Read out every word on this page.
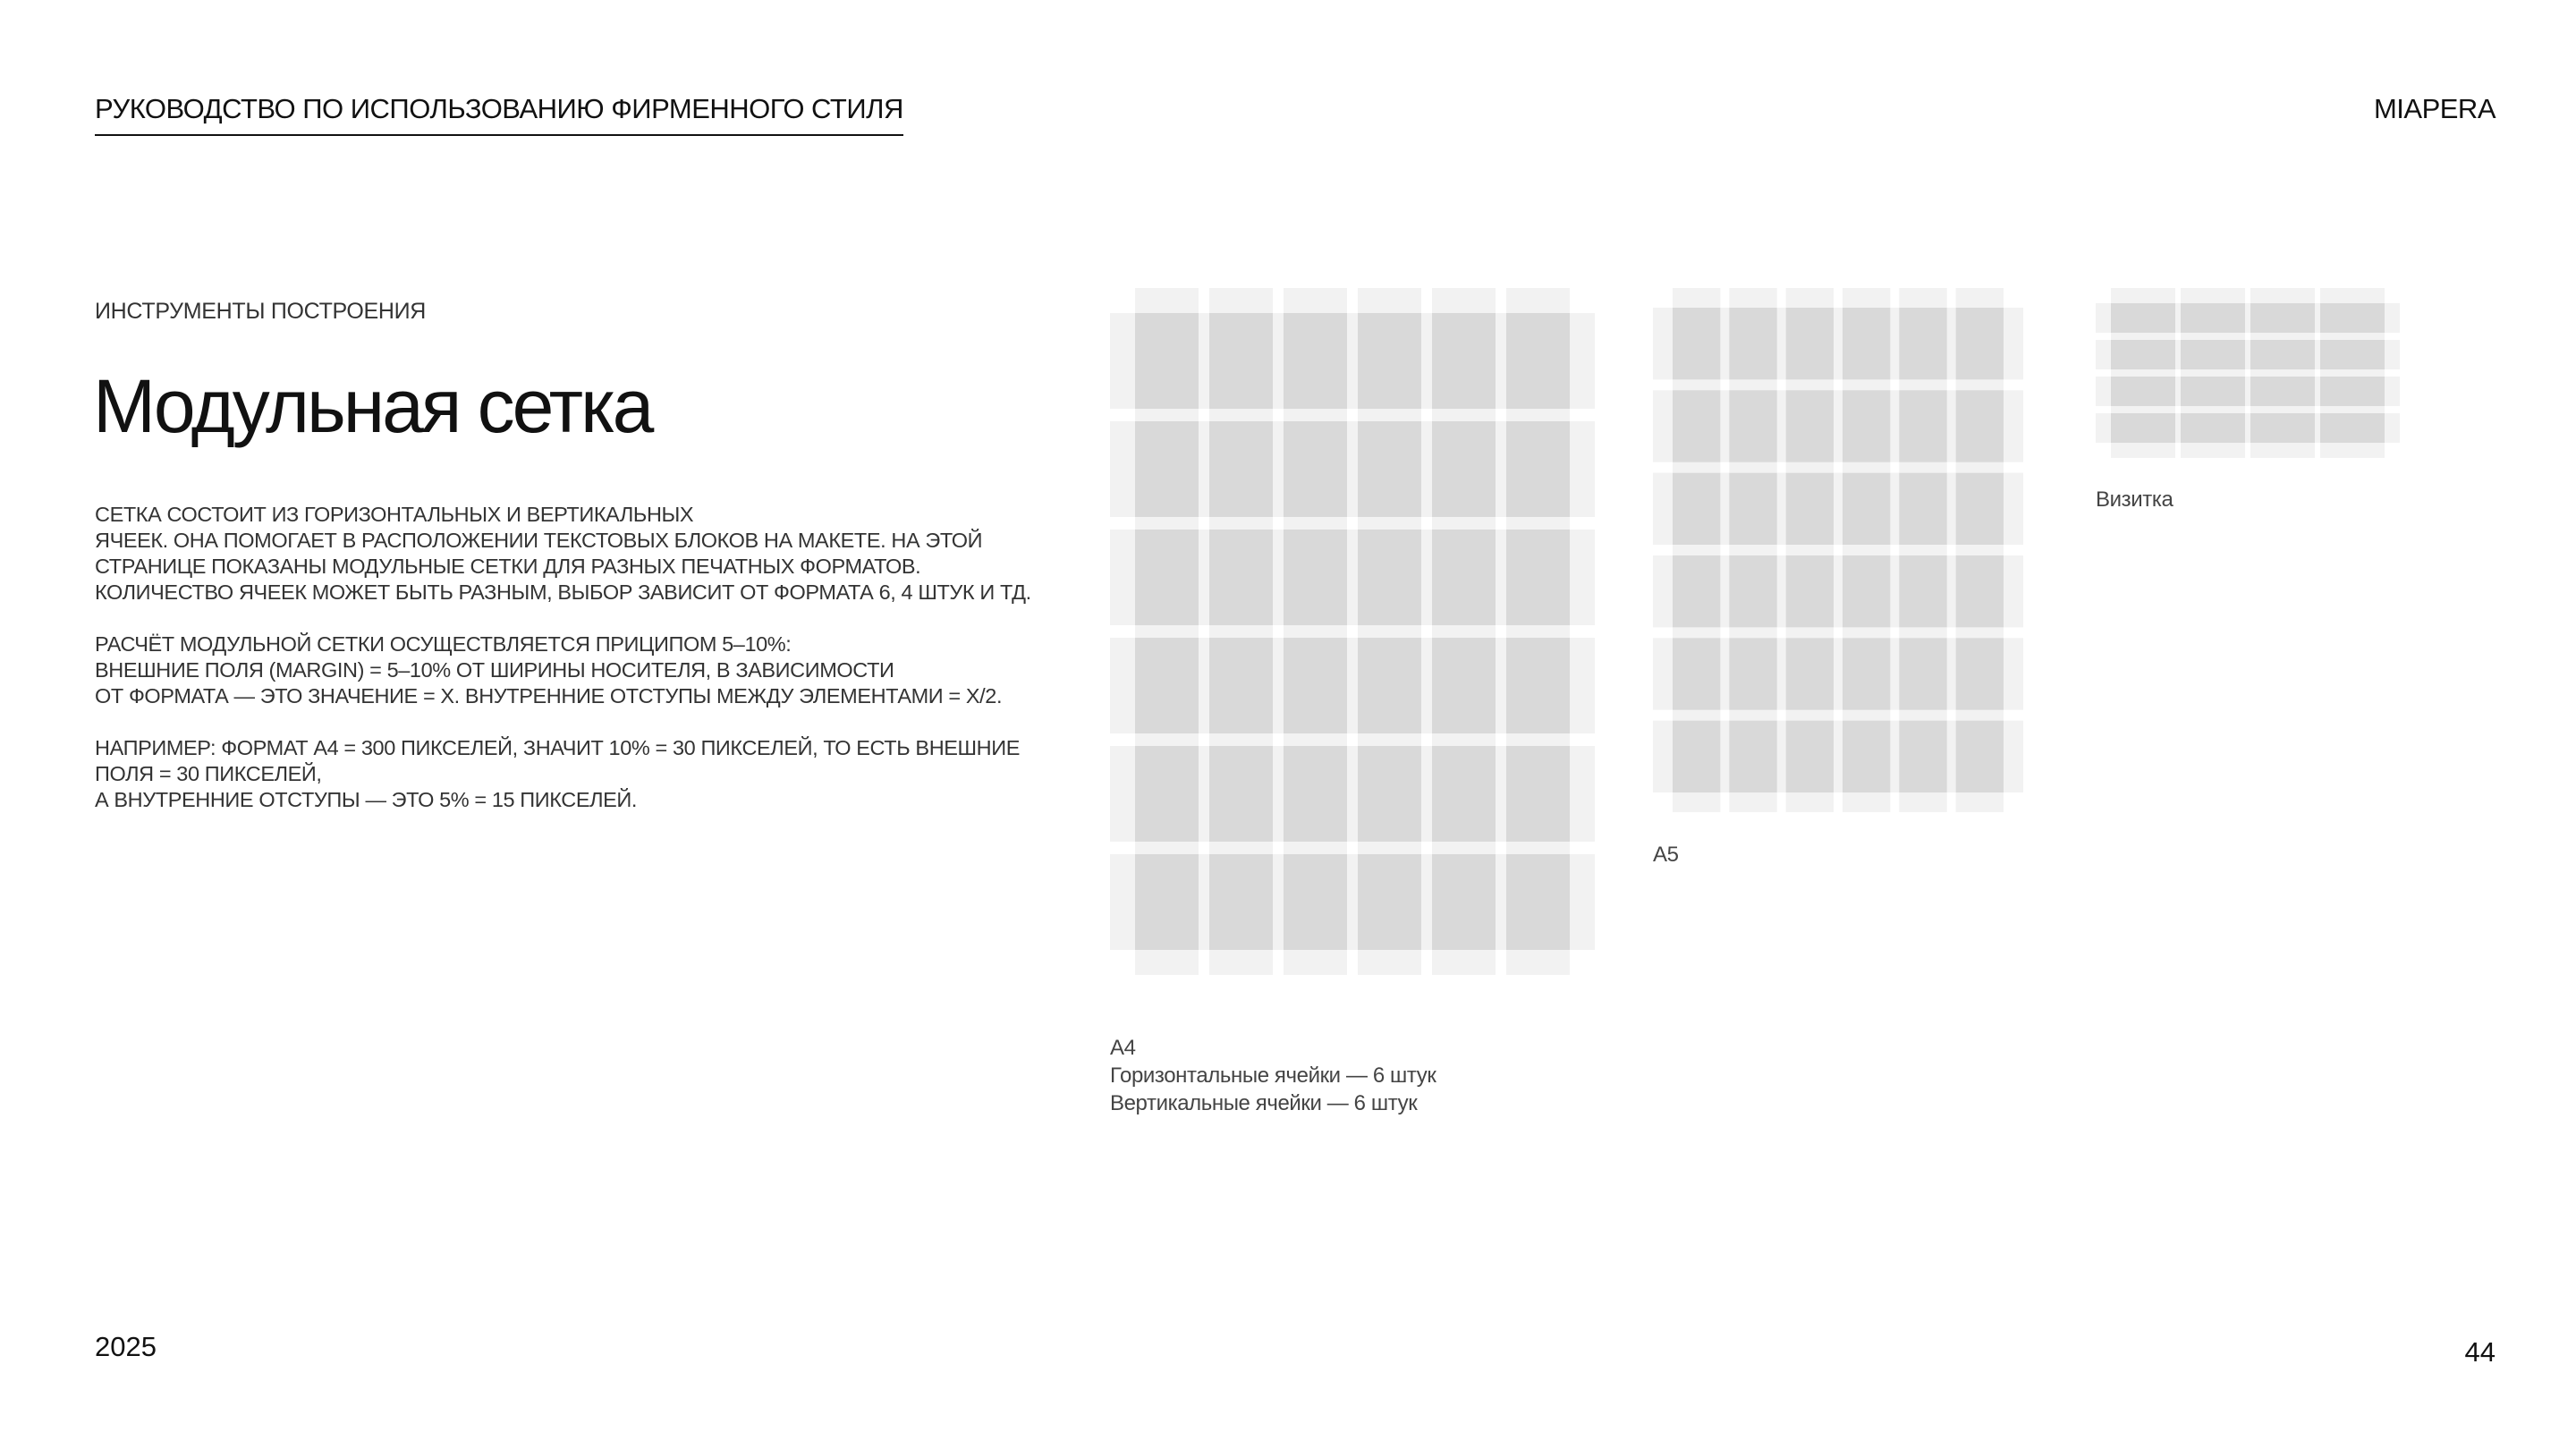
РУКОВОДСТВО ПО ИСПОЛЬЗОВАНИЮ ФИРМЕННОГО СТИЛЯ	MIAPERA
ИНСТРУМЕНТЫ ПОСТРОЕНИЯ
Модульная сетка

СЕТКА СОСТОИТ ИЗ ГОРИЗОНТАЛЬНЫХ И ВЕРТИКАЛЬНЫХ
ЯЧЕЕК. ОНА ПОМОГАЕТ В РАСПОЛОЖЕНИИ ТЕКСТОВЫХ БЛОКОВ НА МАКЕТЕ. НА ЭТОЙ
СТРАНИЦЕ ПОКАЗАНЫ МОДУЛЬНЫЕ СЕТКИ ДЛЯ РАЗНЫХ ПЕЧАТНЫХ ФОРМАТОВ.
КОЛИЧЕСТВО ЯЧЕЕК МОЖЕТ БЫТЬ РАЗНЫМ, ВЫБОР ЗАВИСИТ ОТ ФОРМАТА 6, 4 ШТУК И ТД.

РАСЧЁТ МОДУЛЬНОЙ СЕТКИ ОСУЩЕСТВЛЯЕТСЯ ПРИЦИПОМ 5–10%:
ВНЕШНИЕ ПОЛЯ (MARGIN) = 5–10% ОТ ШИРИНЫ НОСИТЕЛЯ, В ЗАВИСИМОСТИ
ОТ ФОРМАТА — ЭТО ЗНАЧЕНИЕ = X. ВНУТРЕННИЕ ОТСТУПЫ МЕЖДУ ЭЛЕМЕНТАМИ = X/2.

НАПРИМЕР: ФОРМАТ А4 = 300 ПИКСЕЛЕЙ, ЗНАЧИТ 10% = 30 ПИКСЕЛЕЙ, ТО ЕСТЬ ВНЕШНИЕ
ПОЛЯ = 30 ПИКСЕЛЕЙ,
А ВНУТРЕННИЕ ОТСТУПЫ — ЭТО 5% = 15 ПИКСЕЛЕЙ.

А4
Горизонтальные ячейки — 6 штук
Вертикальные ячейки — 6 штук
А5
Визитка
2025	44
